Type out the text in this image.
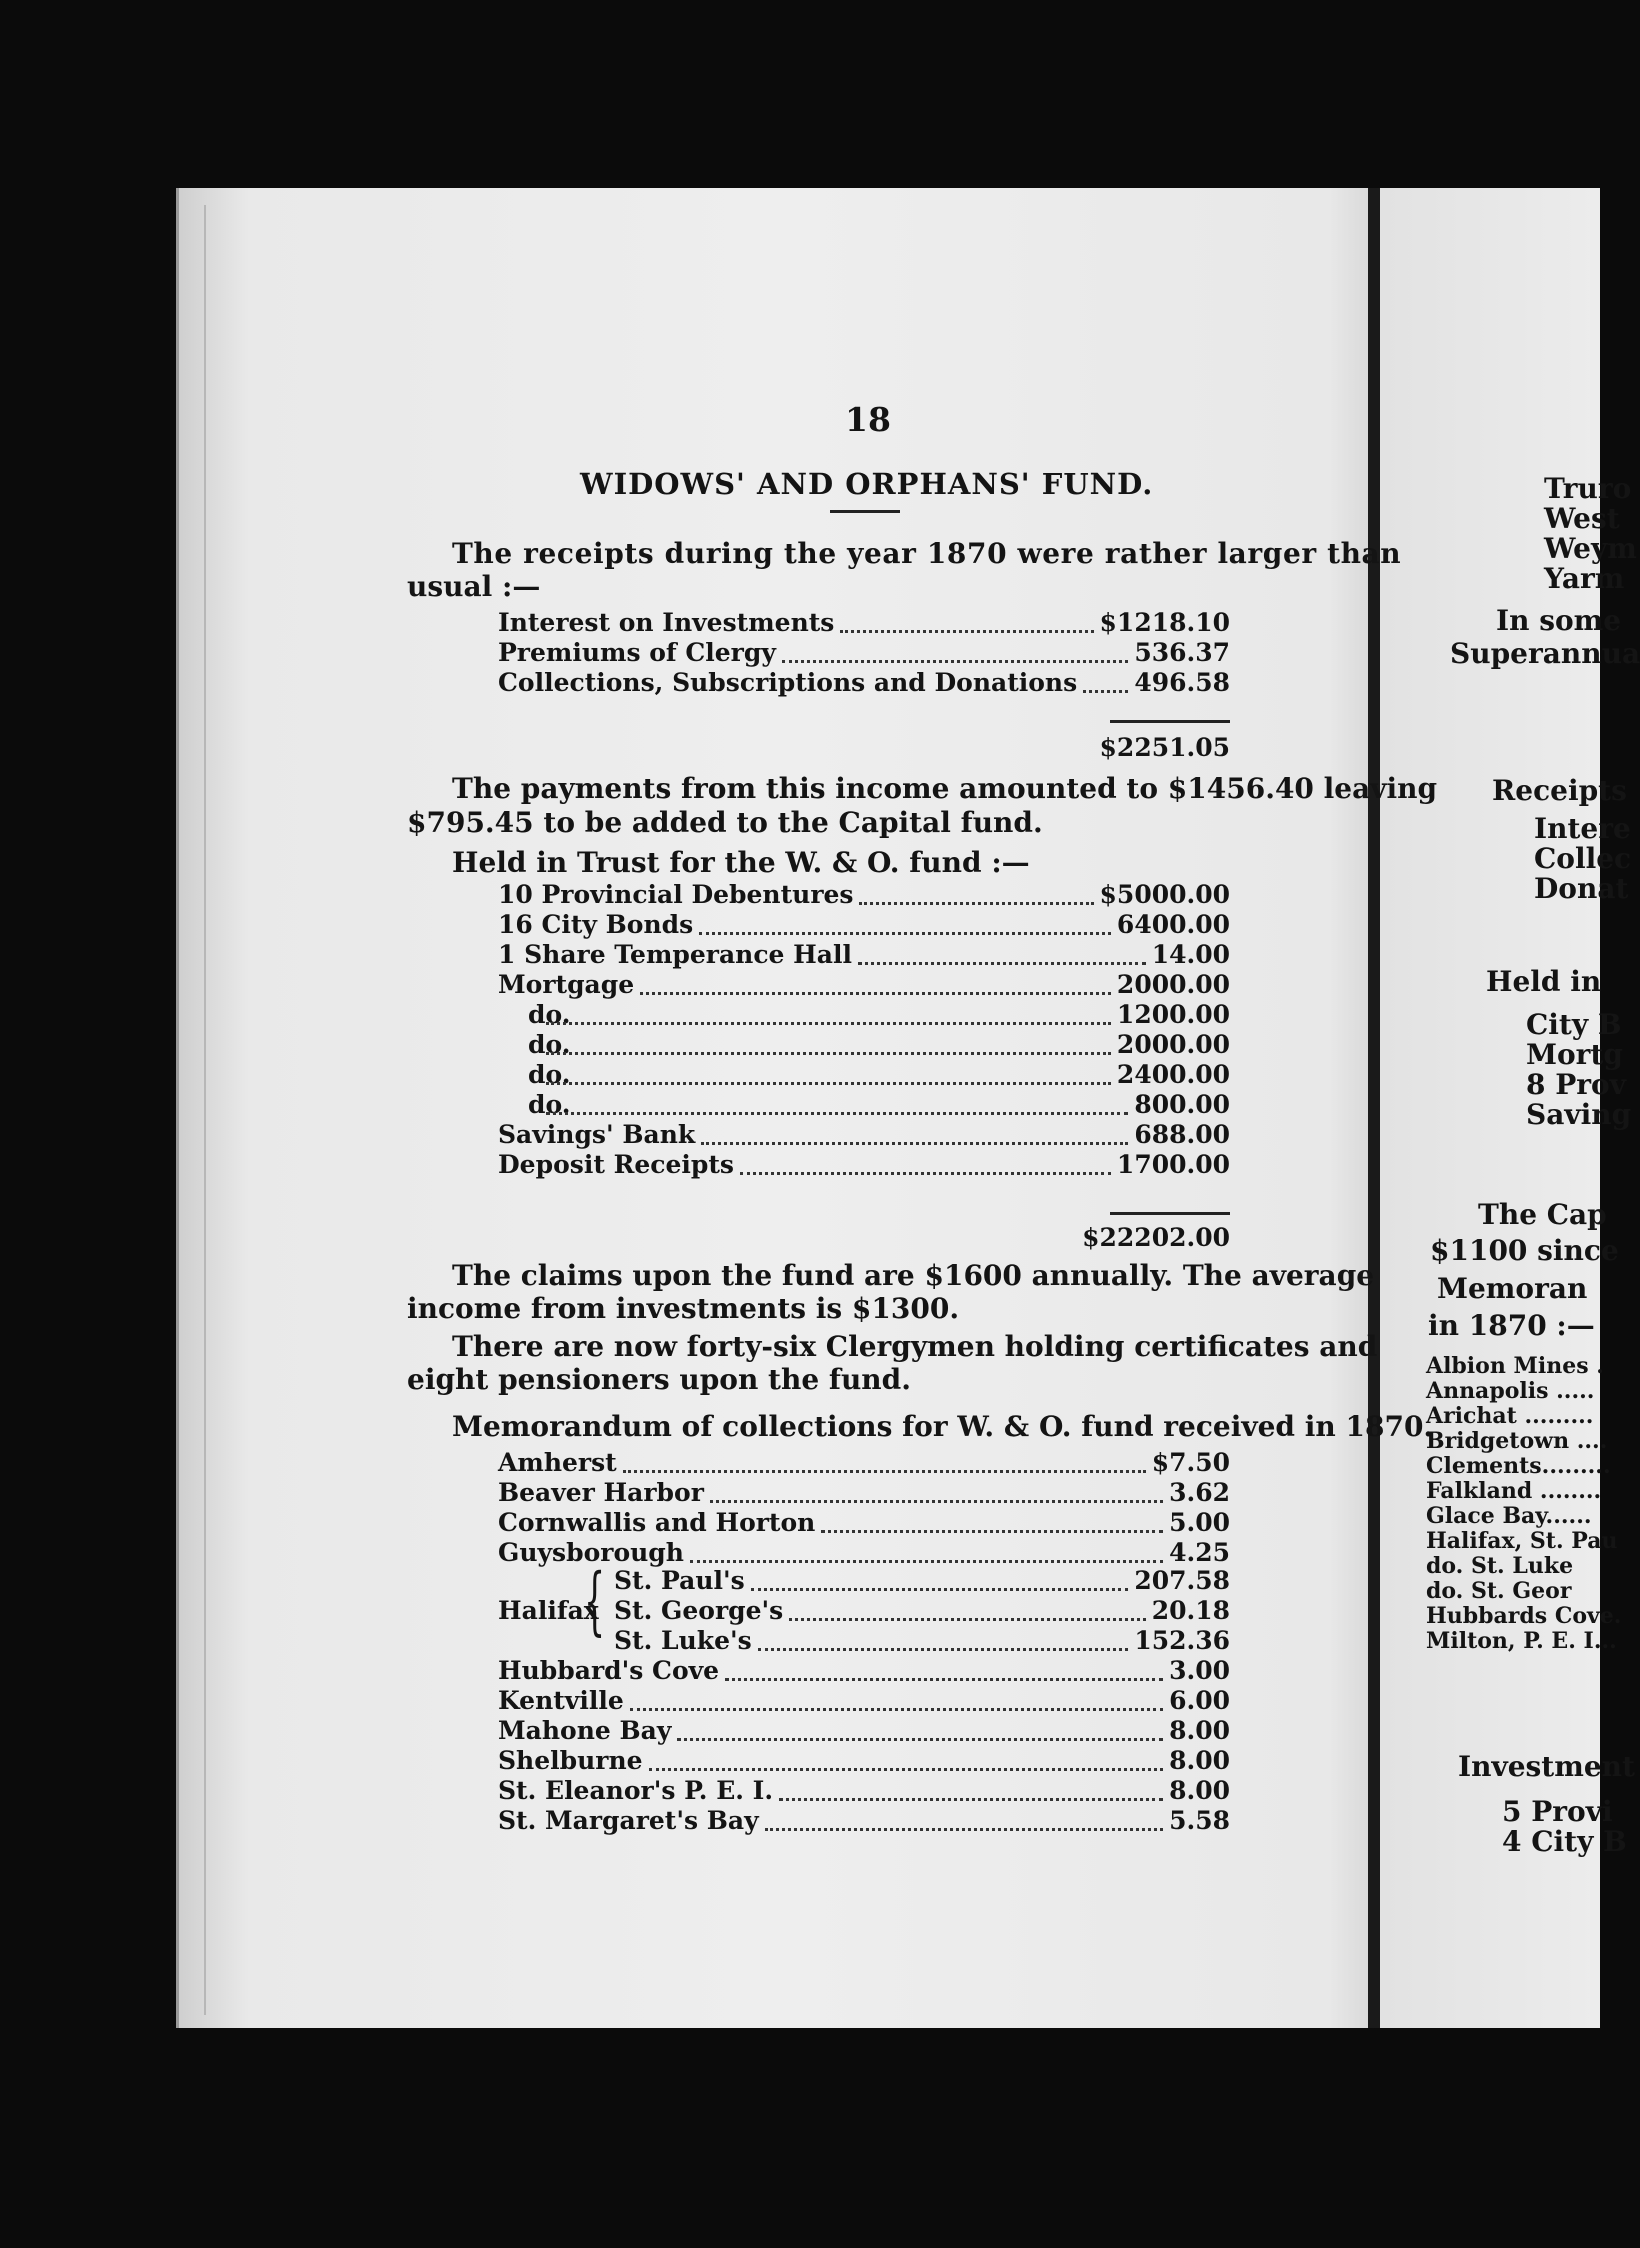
18
WIDOWS' AND ORPHANS' FUND.
The receipts during the year 1870 were rather larger than
usual :—
Interest on Investments	$1218.10
Premiums of Clergy	536.37
Collections, Subscriptions and Donations	496.58
$2251.05
The payments from this income amounted to $1456.40 leaving
$795.45 to be added to the Capital fund.
Held in Trust for the W. & O. fund :—
10 Provincial Debentures	$5000.00
16 City Bonds	6400.00
1 Share Temperance Hall	14.00
Mortgage	2000.00
do.	1200.00
do.	2000.00
do.	2400.00
do.	800.00
Savings' Bank	688.00
Deposit Receipts	1700.00
$22202.00
The claims upon the fund are $1600 annually. The average
income from investments is $1300.
There are now forty-six Clergymen holding certificates and
eight pensioners upon the fund.
Memorandum of collections for W. & O. fund received in 1870.
Amherst	$7.50
Beaver Harbor	3.62
Cornwallis and Horton	5.00
Guysborough	4.25
Halifax
{ St. Paul's	207.58
St. George's	20.18
St. Luke's	152.36
Hubbard's Cove	3.00
Kentville	6.00
Mahone Bay	8.00
Shelburne	8.00
St. Eleanor's P. E. I.	8.00
St. Margaret's Bay	5.58
Truro
West
Weym
Yarm
In some
Superannua
Receipts
Intere
Collec
Donat
Held in
City B
Mortg
8 Prov
Saving
The Cap
$1100 since
Memoran
in 1870 :—
Albion Mines .
Annapolis .....
Arichat .........
Bridgetown ....
Clements.........
Falkland ........
Glace Bay......
Halifax, St. Pau
do. St. Luke
do. St. Geor
Hubbards Cove.
Milton, P. E. I...
Investment
5 Provi
4 City B
